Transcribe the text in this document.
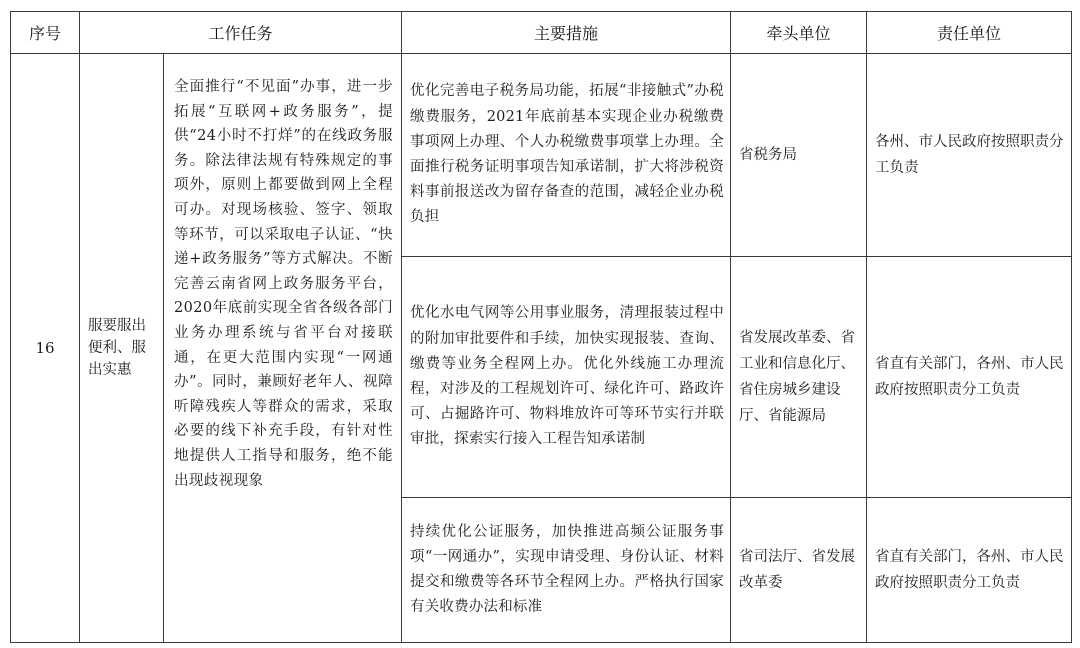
序号	工作任务		主要措施	牵头单位	责任单位
16	服要服出便利、服出实惠	全面推行“不见面”办事，进一步拓展“互联网+政务服务”，提供“24小时不打烊”的在线政务服务。除法律法规有特殊规定的事项外，原则上都要做到网上全程可办。对现场核验、签字、领取等环节，可以采取电子认证、“快递+政务服务”等方式解决。不断完善云南省网上政务服务平台，2020年底前实现全省各级各部门业务办理系统与省平台对接联通，在更大范围内实现“一网通办”。同时，兼顾好老年人、视障听障残疾人等群众的需求，采取必要的线下补充手段，有针对性地提供人工指导和服务，绝不能出现歧视现象	优化完善电子税务局功能，拓展“非接触式”办税缴费服务，2021年底前基本实现企业办税缴费事项网上办理、个人办税缴费事项掌上办理。全面推行税务证明事项告知承诺制，扩大将涉税资料事前报送改为留存备查的范围，减轻企业办税负担	省税务局	各州、市人民政府按照职责分工负责
			优化水电气网等公用事业服务，清理报装过程中的附加审批要件和手续，加快实现报装、查询、缴费等业务全程网上办。优化外线施工办理流程，对涉及的工程规划许可、绿化许可、路政许可、占掘路许可、物料堆放许可等环节实行并联审批，探索实行接入工程告知承诺制	省发展改革委、省工业和信息化厅、省住房城乡建设厅、省能源局	省直有关部门，各州、市人民政府按照职责分工负责
			持续优化公证服务，加快推进高频公证服务事项“一网通办”，实现申请受理、身份认证、材料提交和缴费等各环节全程网上办。严格执行国家有关收费办法和标准	省司法厅、省发展改革委	省直有关部门，各州、市人民政府按照职责分工负责
